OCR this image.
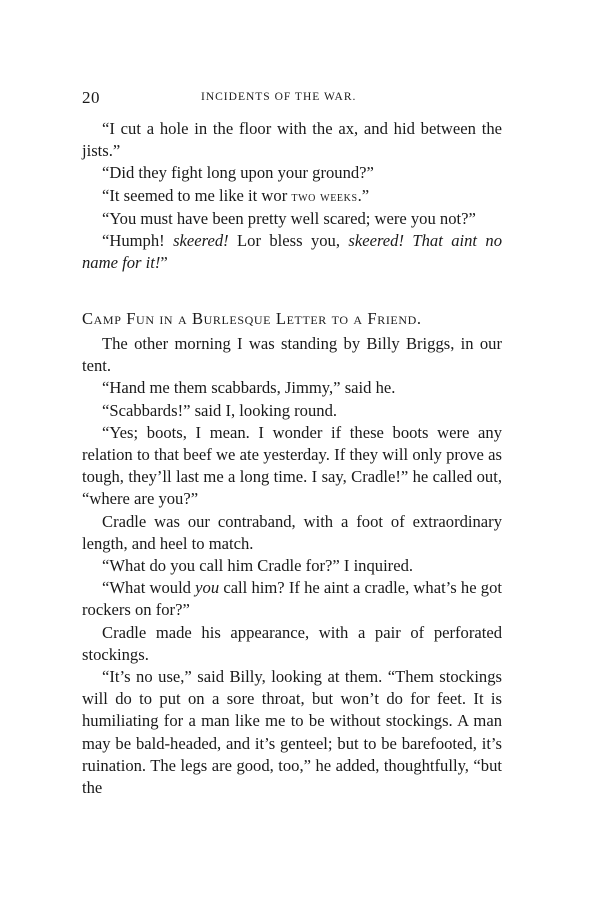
20	INCIDENTS OF THE WAR.

“I cut a hole in the floor with the ax, and hid between the jists.”

“Did they fight long upon your ground?”

“It seemed to me like it wor two weeks.”

“You must have been pretty well scared; were you not?”

“Humph! skeered! Lor bless you, skeered! That aint no name for it!”

Camp Fun in a Burlesque Letter to a Friend.

The other morning I was standing by Billy Briggs, in our tent.

“Hand me them scabbards, Jimmy,” said he.

“Scabbards!” said I, looking round.

“Yes; boots, I mean. I wonder if these boots were any relation to that beef we ate yesterday. If they will only prove as tough, they’ll last me a long time. I say, Cradle!” he called out, “where are you?”

Cradle was our contraband, with a foot of extraordinary length, and heel to match.

“What do you call him Cradle for?” I inquired.

“What would you call him? If he aint a cradle, what’s he got rockers on for?”

Cradle made his appearance, with a pair of perforated stockings.

“It’s no use,” said Billy, looking at them. “Them stockings will do to put on a sore throat, but won’t do for feet. It is humiliating for a man like me to be without stockings. A man may be bald-headed, and it’s genteel; but to be barefooted, it’s ruination. The legs are good, too,” he added, thoughtfully, “but the
